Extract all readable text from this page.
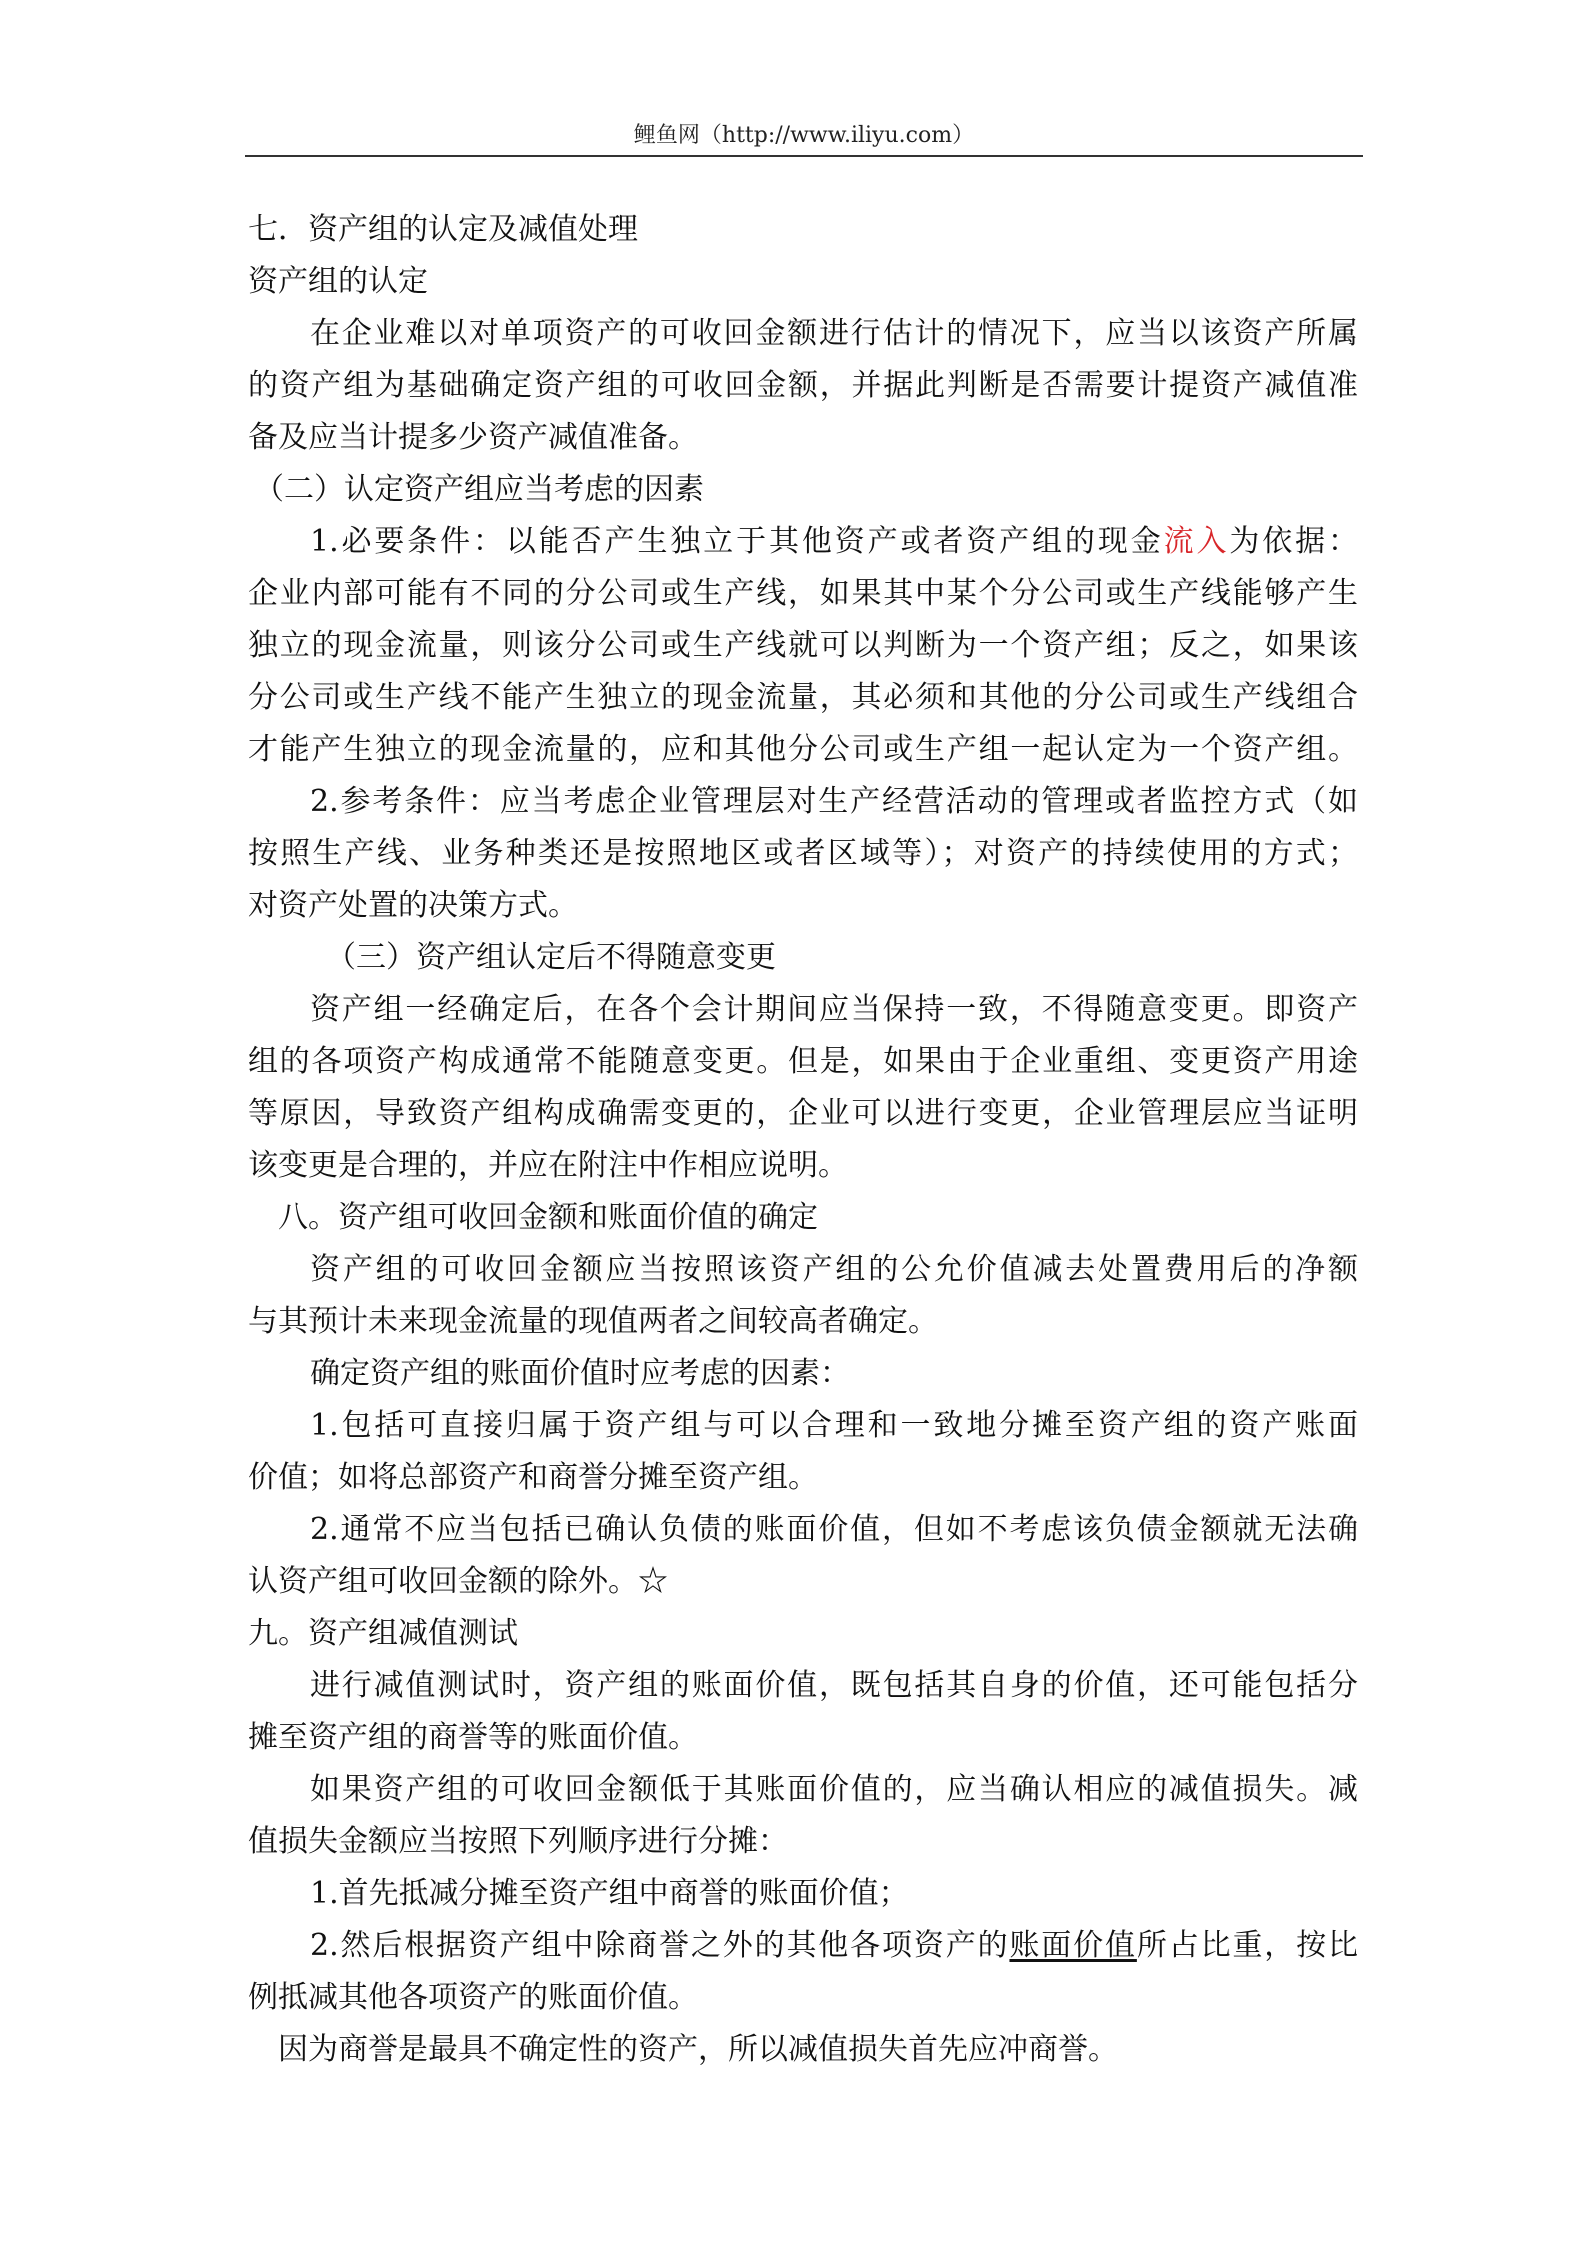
鲤鱼网（http://www.iliyu.com）
七．资产组的认定及减值处理
资产组的认定
在企业难以对单项资产的可收回金额进行估计的情况下，应当以该资产所属
的资产组为基础确定资产组的可收回金额，并据此判断是否需要计提资产减值准
备及应当计提多少资产减值准备。
（二）认定资产组应当考虑的因素
1.必要条件：以能否产生独立于其他资产或者资产组的现金流入为依据：
企业内部可能有不同的分公司或生产线，如果其中某个分公司或生产线能够产生
独立的现金流量，则该分公司或生产线就可以判断为一个资产组；反之，如果该
分公司或生产线不能产生独立的现金流量，其必须和其他的分公司或生产线组合
才能产生独立的现金流量的，应和其他分公司或生产组一起认定为一个资产组。
2.参考条件：应当考虑企业管理层对生产经营活动的管理或者监控方式（如
按照生产线、业务种类还是按照地区或者区域等）；对资产的持续使用的方式；
对资产处置的决策方式。
（三）资产组认定后不得随意变更
资产组一经确定后，在各个会计期间应当保持一致，不得随意变更。即资产
组的各项资产构成通常不能随意变更。但是，如果由于企业重组、变更资产用途
等原因，导致资产组构成确需变更的，企业可以进行变更，企业管理层应当证明
该变更是合理的，并应在附注中作相应说明。
八。资产组可收回金额和账面价值的确定
资产组的可收回金额应当按照该资产组的公允价值减去处置费用后的净额
与其预计未来现金流量的现值两者之间较高者确定。
确定资产组的账面价值时应考虑的因素：
1.包括可直接归属于资产组与可以合理和一致地分摊至资产组的资产账面
价值；如将总部资产和商誉分摊至资产组。
2.通常不应当包括已确认负债的账面价值，但如不考虑该负债金额就无法确
认资产组可收回金额的除外。☆
九。资产组减值测试
进行减值测试时，资产组的账面价值，既包括其自身的价值，还可能包括分
摊至资产组的商誉等的账面价值。
如果资产组的可收回金额低于其账面价值的，应当确认相应的减值损失。减
值损失金额应当按照下列顺序进行分摊：
1.首先抵减分摊至资产组中商誉的账面价值；
2.然后根据资产组中除商誉之外的其他各项资产的账面价值所占比重，按比
例抵减其他各项资产的账面价值。
因为商誉是最具不确定性的资产，所以减值损失首先应冲商誉。
